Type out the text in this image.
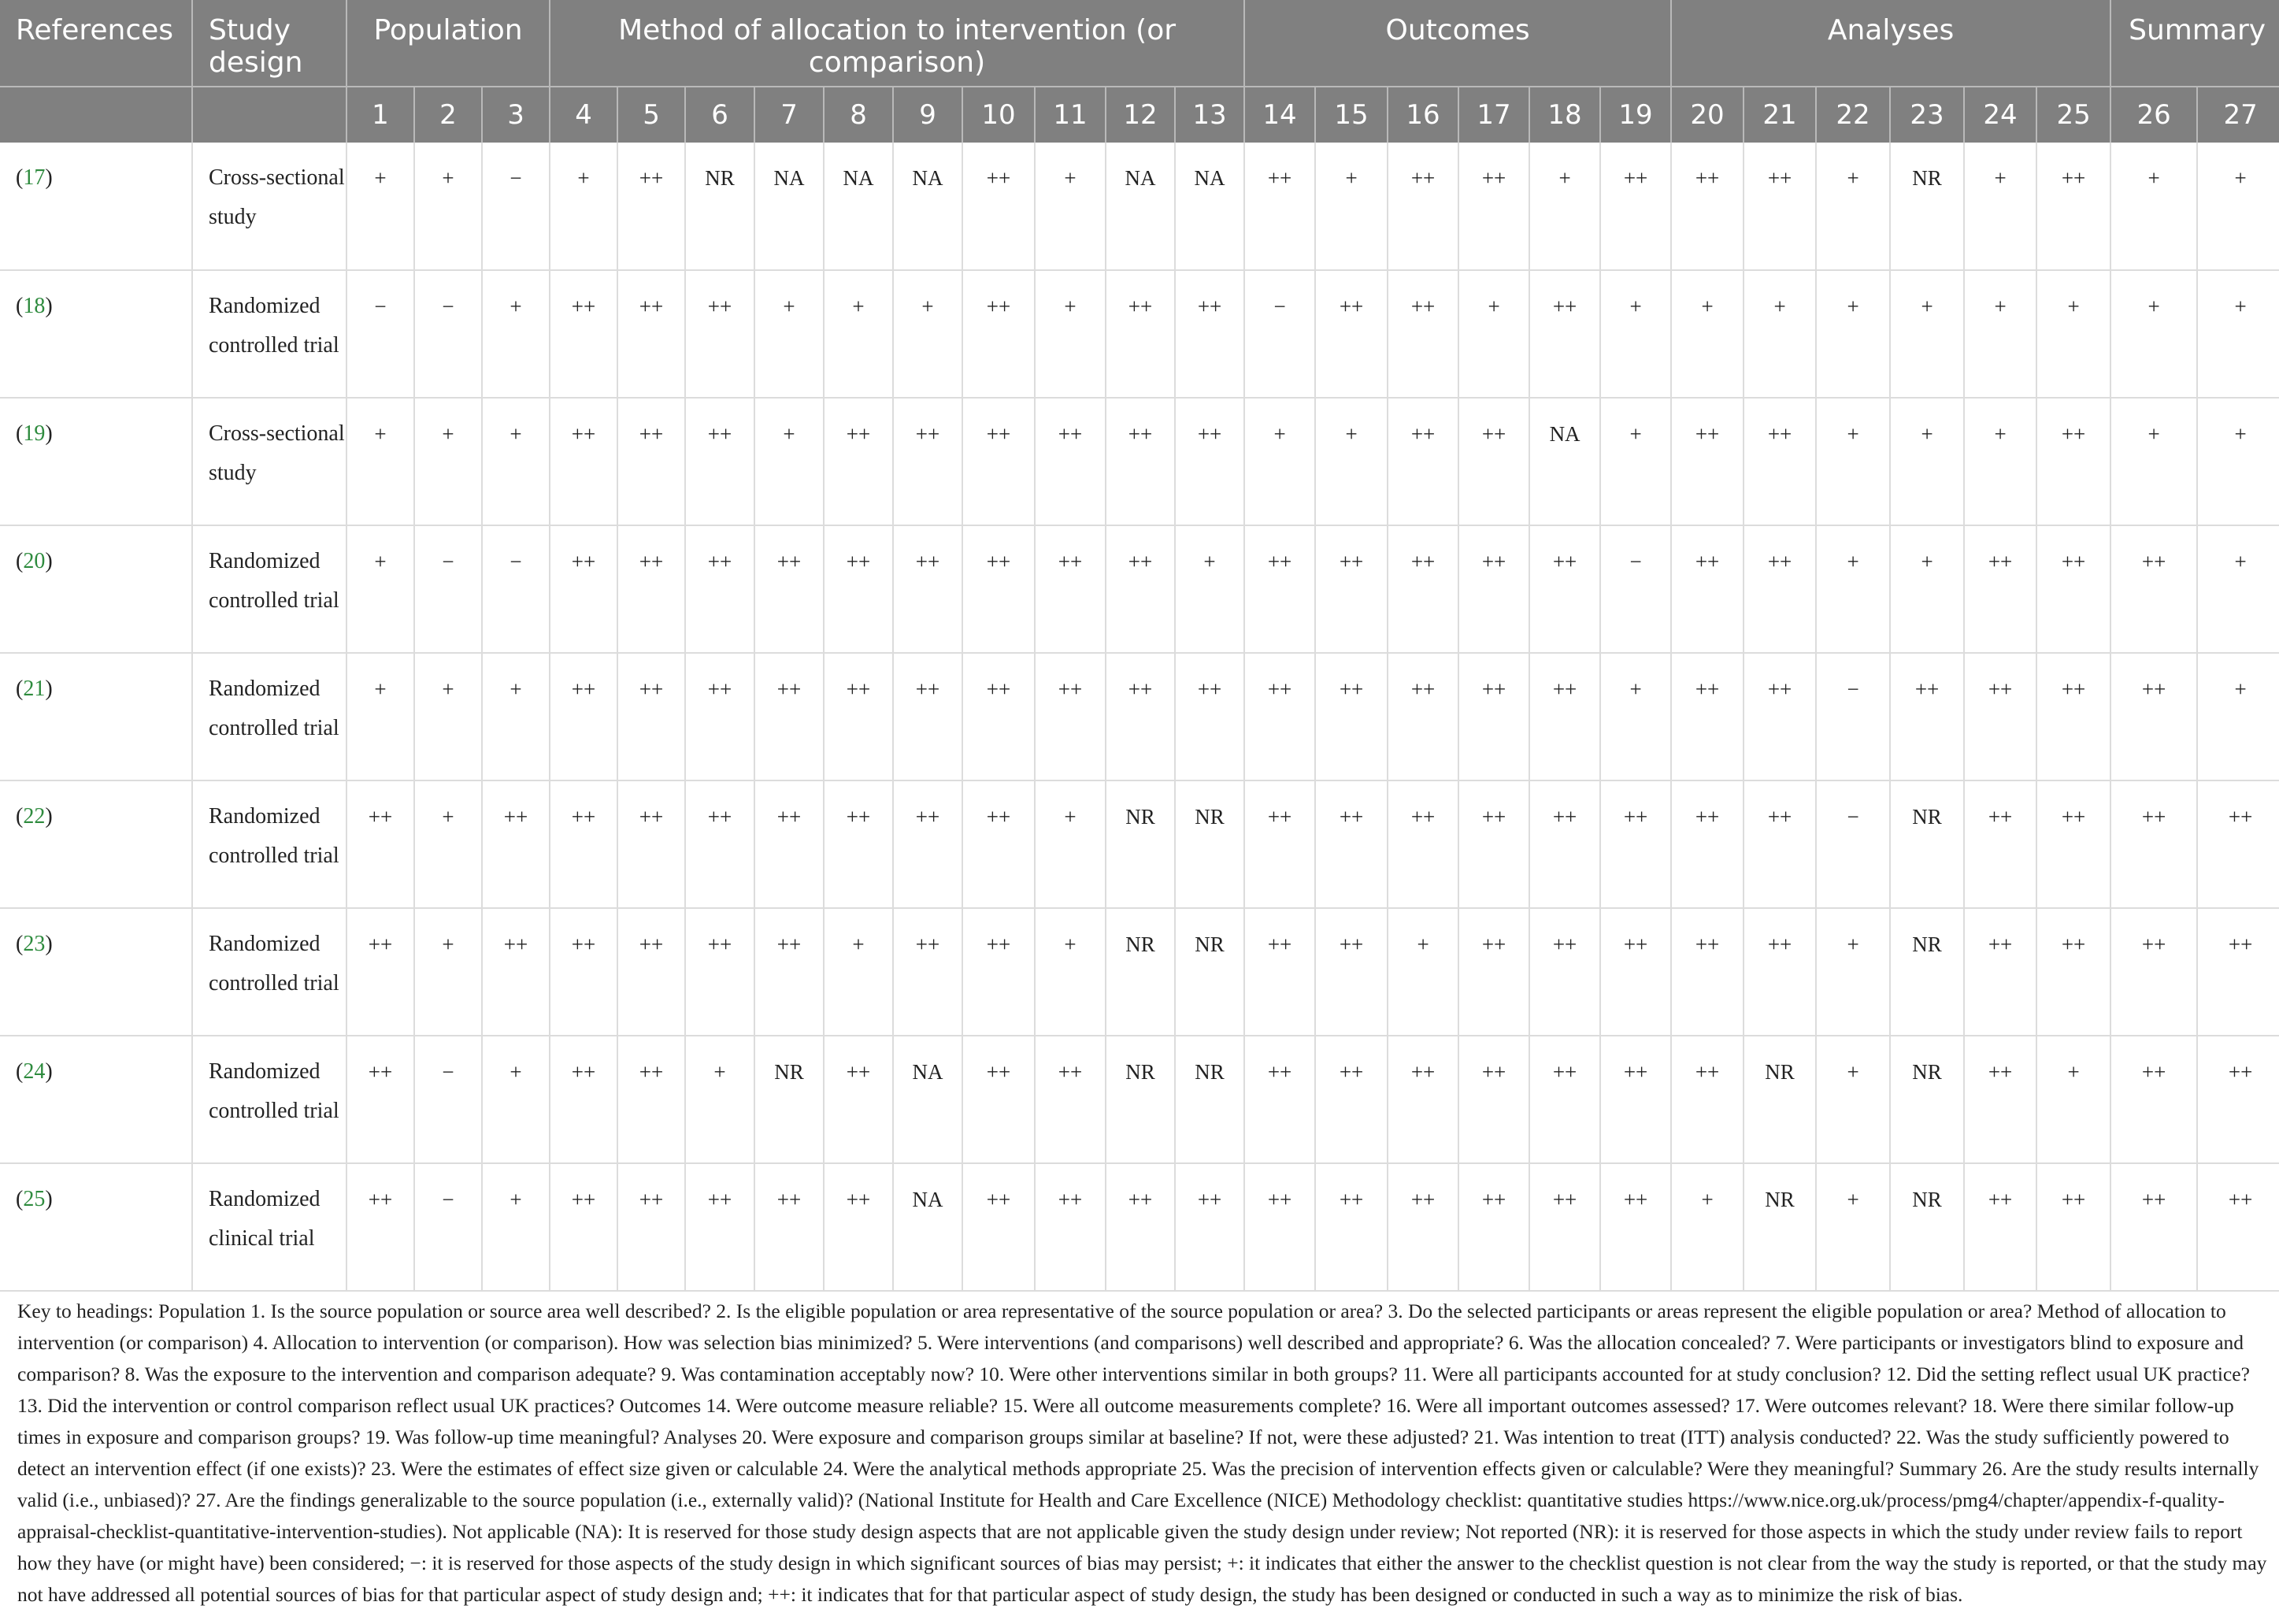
References	Study design	Population			Method of allocation to intervention (or comparison)										Outcomes						Analyses						Summary	
		1	2	3	4	5	6	7	8	9	10	11	12	13	14	15	16	17	18	19	20	21	22	23	24	25	26	27
(17)	Cross-sectional study	+	+	−	+	++	NR	NA	NA	NA	++	+	NA	NA	++	+	++	++	+	++	++	++	+	NR	+	++	+	+
(18)	Randomized controlled trial	−	−	+	++	++	++	+	+	+	++	+	++	++	−	++	++	+	++	+	+	+	+	+	+	+	+	+
(19)	Cross-sectional study	+	+	+	++	++	++	+	++	++	++	++	++	++	+	+	++	++	NA	+	++	++	+	+	+	++	+	+
(20)	Randomized controlled trial	+	−	−	++	++	++	++	++	++	++	++	++	+	++	++	++	++	++	−	++	++	+	+	++	++	++	+
(21)	Randomized controlled trial	+	+	+	++	++	++	++	++	++	++	++	++	++	++	++	++	++	++	+	++	++	−	++	++	++	++	+
(22)	Randomized controlled trial	++	+	++	++	++	++	++	++	++	++	+	NR	NR	++	++	++	++	++	++	++	++	−	NR	++	++	++	++
(23)	Randomized controlled trial	++	+	++	++	++	++	++	+	++	++	+	NR	NR	++	++	+	++	++	++	++	++	+	NR	++	++	++	++
(24)	Randomized controlled trial	++	−	+	++	++	+	NR	++	NA	++	++	NR	NR	++	++	++	++	++	++	++	NR	+	NR	++	+	++	++
(25)	Randomized clinical trial	++	−	+	++	++	++	++	++	NA	++	++	++	++	++	++	++	++	++	++	+	NR	+	NR	++	++	++	++
Key to headings: Population 1. Is the source population or source area well described? 2. Is the eligible population or area representative of the source population or area? 3. Do the selected participants or areas represent the eligible population or area? Method of allocation to intervention (or comparison) 4. Allocation to intervention (or comparison). How was selection bias minimized? 5. Were interventions (and comparisons) well described and appropriate? 6. Was the allocation concealed? 7. Were participants or investigators blind to exposure and comparison? 8. Was the exposure to the intervention and comparison adequate? 9. Was contamination acceptably now? 10. Were other interventions similar in both groups? 11. Were all participants accounted for at study conclusion? 12. Did the setting reflect usual UK practice? 13. Did the intervention or control comparison reflect usual UK practices? Outcomes 14. Were outcome measure reliable? 15. Were all outcome measurements complete? 16. Were all important outcomes assessed? 17. Were outcomes relevant? 18. Were there similar follow-up times in exposure and comparison groups? 19. Was follow-up time meaningful? Analyses 20. Were exposure and comparison groups similar at baseline? If not, were these adjusted? 21. Was intention to treat (ITT) analysis conducted? 22. Was the study sufficiently powered to detect an intervention effect (if one exists)? 23. Were the estimates of effect size given or calculable 24. Were the analytical methods appropriate 25. Was the precision of intervention effects given or calculable? Were they meaningful? Summary 26. Are the study results internally valid (i.e., unbiased)? 27. Are the findings generalizable to the source population (i.e., externally valid)? (National Institute for Health and Care Excellence (NICE) Methodology checklist: quantitative studies https://www.nice.org.uk/process/pmg4/chapter/appendix-f-quality-appraisal-checklist-quantitative-intervention-studies). Not applicable (NA): It is reserved for those study design aspects that are not applicable given the study design under review; Not reported (NR): it is reserved for those aspects in which the study under review fails to report how they have (or might have) been considered; −: it is reserved for those aspects of the study design in which significant sources of bias may persist; +: it indicates that either the answer to the checklist question is not clear from the way the study is reported, or that the study may not have addressed all potential sources of bias for that particular aspect of study design and; ++: it indicates that for that particular aspect of study design, the study has been designed or conducted in such a way as to minimize the risk of bias.
